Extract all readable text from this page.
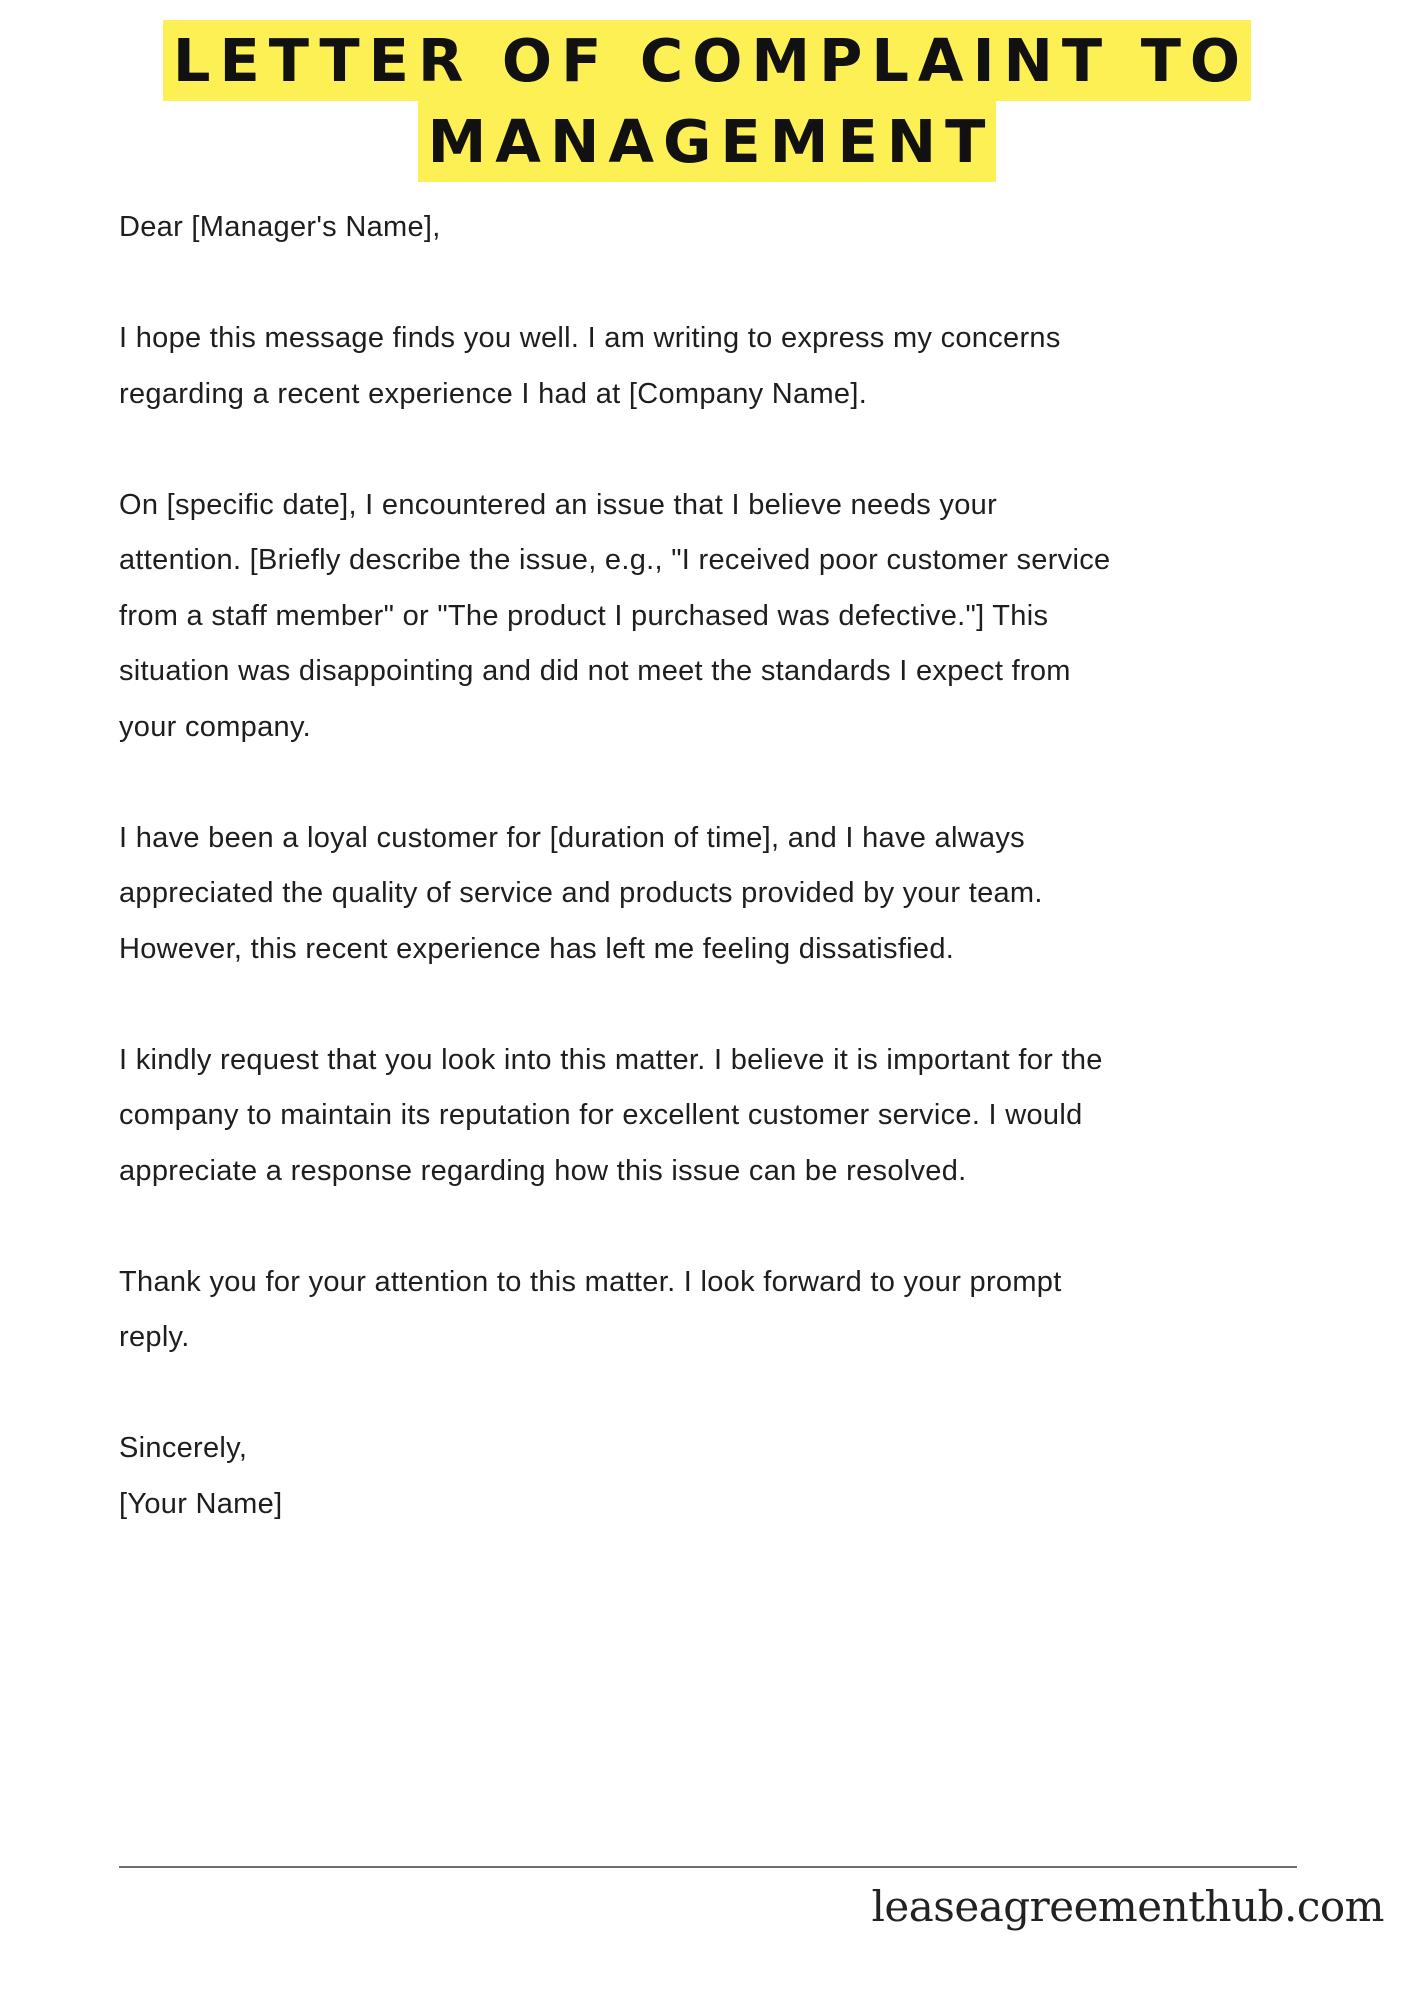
LETTER OF COMPLAINT TO
MANAGEMENT

Dear [Manager's Name],

I hope this message finds you well. I am writing to express my concerns
regarding a recent experience I had at [Company Name].

On [specific date], I encountered an issue that I believe needs your
attention. [Briefly describe the issue, e.g., "I received poor customer service
from a staff member" or "The product I purchased was defective."] This
situation was disappointing and did not meet the standards I expect from
your company.

I have been a loyal customer for [duration of time], and I have always
appreciated the quality of service and products provided by your team.
However, this recent experience has left me feeling dissatisfied.

I kindly request that you look into this matter. I believe it is important for the
company to maintain its reputation for excellent customer service. I would
appreciate a response regarding how this issue can be resolved.

Thank you for your attention to this matter. I look forward to your prompt
reply.

Sincerely,

[Your Name]

leaseagreementhub.com
